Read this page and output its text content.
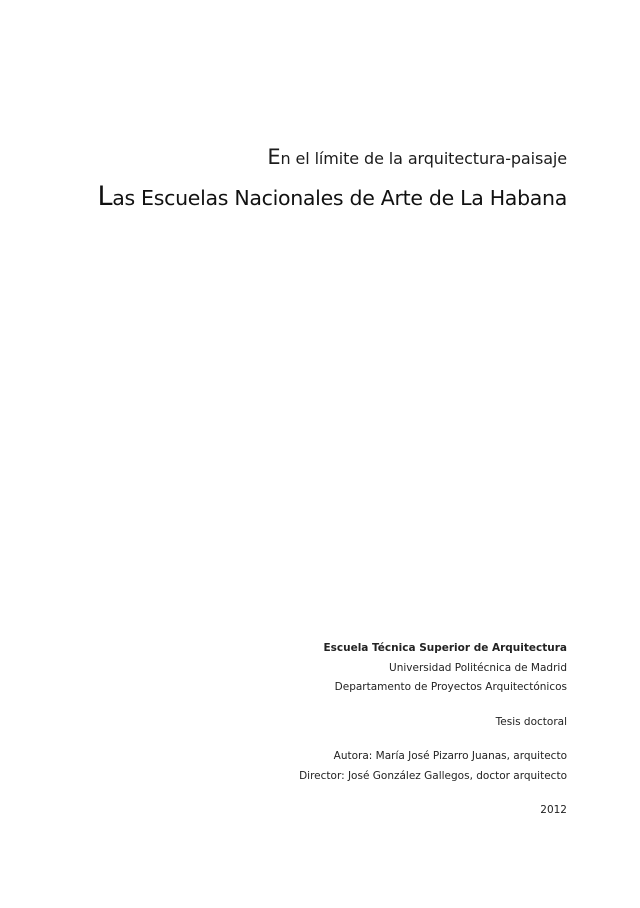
En el límite de la arquitectura-paisaje
Las Escuelas Nacionales de Arte de La Habana
Escuela Técnica Superior de Arquitectura
Universidad Politécnica de Madrid
Departamento de Proyectos Arquitectónicos
Tesis doctoral
Autora: María José Pizarro Juanas, arquitecto
Director: José González Gallegos, doctor arquitecto
2012
